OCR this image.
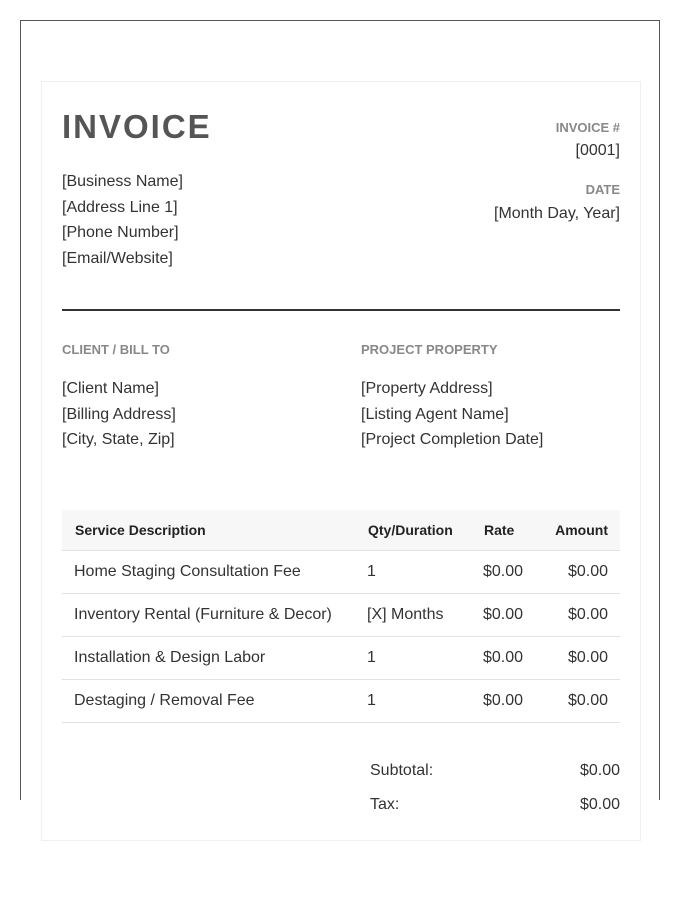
INVOICE
[Business Name]
[Address Line 1]
[Phone Number]
[Email/Website]
INVOICE #
[0001]
DATE
[Month Day, Year]
CLIENT / BILL TO
[Client Name]
[Billing Address]
[City, State, Zip]
PROJECT PROPERTY
[Property Address]
[Listing Agent Name]
[Project Completion Date]
Service Description	Qty/Duration	Rate	Amount
Home Staging Consultation Fee	1	$0.00	$0.00
Inventory Rental (Furniture & Decor)	[X] Months	$0.00	$0.00
Installation & Design Labor	1	$0.00	$0.00
Destaging / Removal Fee	1	$0.00	$0.00
Subtotal:	$0.00
Tax:	$0.00
